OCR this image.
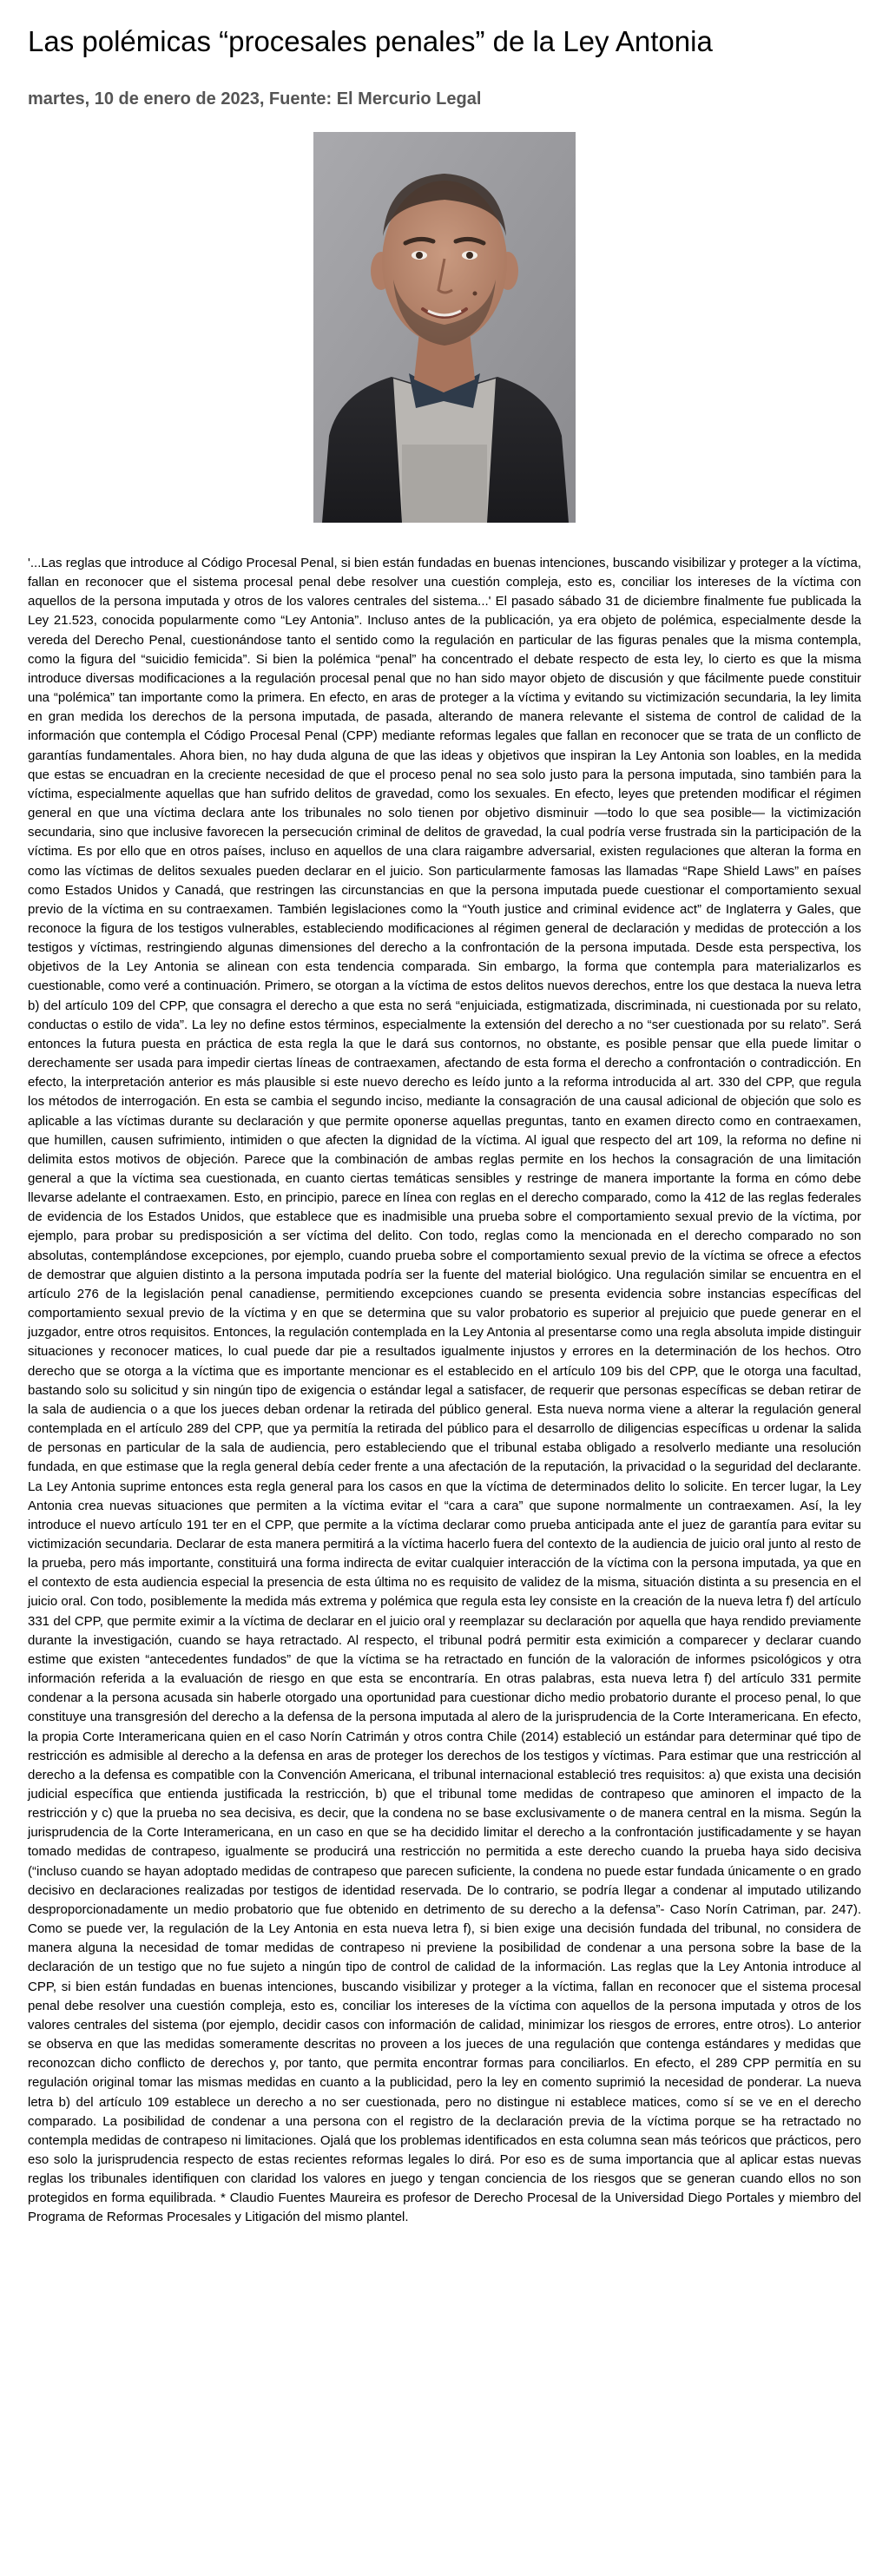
Las polémicas “procesales penales” de la Ley Antonia
martes, 10 de enero de 2023, Fuente: El Mercurio Legal

'...Las reglas que introduce al Código Procesal Penal, si bien están fundadas en buenas intenciones, buscando visibilizar y proteger a la víctima, fallan en reconocer que el sistema procesal penal debe resolver una cuestión compleja, esto es, conciliar los intereses de la víctima con aquellos de la persona imputada y otros de los valores centrales del sistema...' El pasado sábado 31 de diciembre finalmente fue publicada la Ley 21.523, conocida popularmente como “Ley Antonia”. Incluso antes de la publicación, ya era objeto de polémica, especialmente desde la vereda del Derecho Penal, cuestionándose tanto el sentido como la regulación en particular de las figuras penales que la misma contempla, como la figura del “suicidio femicida”. Si bien la polémica “penal” ha concentrado el debate respecto de esta ley, lo cierto es que la misma introduce diversas modificaciones a la regulación procesal penal que no han sido mayor objeto de discusión y que fácilmente puede constituir una “polémica” tan importante como la primera. En efecto, en aras de proteger a la víctima y evitando su victimización secundaria, la ley limita en gran medida los derechos de la persona imputada, de pasada, alterando de manera relevante el sistema de control de calidad de la información que contempla el Código Procesal Penal (CPP) mediante reformas legales que fallan en reconocer que se trata de un conflicto de garantías fundamentales. Ahora bien, no hay duda alguna de que las ideas y objetivos que inspiran la Ley Antonia son loables, en la medida que estas se encuadran en la creciente necesidad de que el proceso penal no sea solo justo para la persona imputada, sino también para la víctima, especialmente aquellas que han sufrido delitos de gravedad, como los sexuales. En efecto, leyes que pretenden modificar el régimen general en que una víctima declara ante los tribunales no solo tienen por objetivo disminuir —todo lo que sea posible— la victimización secundaria, sino que inclusive favorecen la persecución criminal de delitos de gravedad, la cual podría verse frustrada sin la participación de la víctima. Es por ello que en otros países, incluso en aquellos de una clara raigambre adversarial, existen regulaciones que alteran la forma en como las víctimas de delitos sexuales pueden declarar en el juicio. Son particularmente famosas las llamadas “Rape Shield Laws” en países como Estados Unidos y Canadá, que restringen las circunstancias en que la persona imputada puede cuestionar el comportamiento sexual previo de la víctima en su contraexamen. También legislaciones como la “Youth justice and criminal evidence act” de Inglaterra y Gales, que reconoce la figura de los testigos vulnerables, estableciendo modificaciones al régimen general de declaración y medidas de protección a los testigos y víctimas, restringiendo algunas dimensiones del derecho a la confrontación de la persona imputada. Desde esta perspectiva, los objetivos de la Ley Antonia se alinean con esta tendencia comparada. Sin embargo, la forma que contempla para materializarlos es cuestionable, como veré a continuación. Primero, se otorgan a la víctima de estos delitos nuevos derechos, entre los que destaca la nueva letra b) del artículo 109 del CPP, que consagra el derecho a que esta no será “enjuiciada, estigmatizada, discriminada, ni cuestionada por su relato, conductas o estilo de vida”. La ley no define estos términos, especialmente la extensión del derecho a no “ser cuestionada por su relato”. Será entonces la futura puesta en práctica de esta regla la que le dará sus contornos, no obstante, es posible pensar que ella puede limitar o derechamente ser usada para impedir ciertas líneas de contraexamen, afectando de esta forma el derecho a confrontación o contradicción. En efecto, la interpretación anterior es más plausible si este nuevo derecho es leído junto a la reforma introducida al art. 330 del CPP, que regula los métodos de interrogación. En esta se cambia el segundo inciso, mediante la consagración de una causal adicional de objeción que solo es aplicable a las víctimas durante su declaración y que permite oponerse aquellas preguntas, tanto en examen directo como en contraexamen, que humillen, causen sufrimiento, intimiden o que afecten la dignidad de la víctima. Al igual que respecto del art 109, la reforma no define ni delimita estos motivos de objeción. Parece que la combinación de ambas reglas permite en los hechos la consagración de una limitación general a que la víctima sea cuestionada, en cuanto ciertas temáticas sensibles y restringe de manera importante la forma en cómo debe llevarse adelante el contraexamen. Esto, en principio, parece en línea con reglas en el derecho comparado, como la 412 de las reglas federales de evidencia de los Estados Unidos, que establece que es inadmisible una prueba sobre el comportamiento sexual previo de la víctima, por ejemplo, para probar su predisposición a ser víctima del delito. Con todo, reglas como la mencionada en el derecho comparado no son absolutas, contemplándose excepciones, por ejemplo, cuando prueba sobre el comportamiento sexual previo de la víctima se ofrece a efectos de demostrar que alguien distinto a la persona imputada podría ser la fuente del material biológico. Una regulación similar se encuentra en el artículo 276 de la legislación penal canadiense, permitiendo excepciones cuando se presenta evidencia sobre instancias específicas del comportamiento sexual previo de la víctima y en que se determina que su valor probatorio es superior al prejuicio que puede generar en el juzgador, entre otros requisitos. Entonces, la regulación contemplada en la Ley Antonia al presentarse como una regla absoluta impide distinguir situaciones y reconocer matices, lo cual puede dar pie a resultados igualmente injustos y errores en la determinación de los hechos. Otro derecho que se otorga a la víctima que es importante mencionar es el establecido en el artículo 109 bis del CPP, que le otorga una facultad, bastando solo su solicitud y sin ningún tipo de exigencia o estándar legal a satisfacer, de requerir que personas específicas se deban retirar de la sala de audiencia o a que los jueces deban ordenar la retirada del público general. Esta nueva norma viene a alterar la regulación general contemplada en el artículo 289 del CPP, que ya permitía la retirada del público para el desarrollo de diligencias específicas u ordenar la salida de personas en particular de la sala de audiencia, pero estableciendo que el tribunal estaba obligado a resolverlo mediante una resolución fundada, en que estimase que la regla general debía ceder frente a una afectación de la reputación, la privacidad o la seguridad del declarante. La Ley Antonia suprime entonces esta regla general para los casos en que la víctima de determinados delito lo solicite. En tercer lugar, la Ley Antonia crea nuevas situaciones que permiten a la víctima evitar el “cara a cara” que supone normalmente un contraexamen. Así, la ley introduce el nuevo artículo 191 ter en el CPP, que permite a la víctima declarar como prueba anticipada ante el juez de garantía para evitar su victimización secundaria. Declarar de esta manera permitirá a la víctima hacerlo fuera del contexto de la audiencia de juicio oral junto al resto de la prueba, pero más importante, constituirá una forma indirecta de evitar cualquier interacción de la víctima con la persona imputada, ya que en el contexto de esta audiencia especial la presencia de esta última no es requisito de validez de la misma, situación distinta a su presencia en el juicio oral. Con todo, posiblemente la medida más extrema y polémica que regula esta ley consiste en la creación de la nueva letra f) del artículo 331 del CPP, que permite eximir a la víctima de declarar en el juicio oral y reemplazar su declaración por aquella que haya rendido previamente durante la investigación, cuando se haya retractado. Al respecto, el tribunal podrá permitir esta eximición a comparecer y declarar cuando estime que existen “antecedentes fundados” de que la víctima se ha retractado en función de la valoración de informes psicológicos y otra información referida a la evaluación de riesgo en que esta se encontraría. En otras palabras, esta nueva letra f) del artículo 331 permite condenar a la persona acusada sin haberle otorgado una oportunidad para cuestionar dicho medio probatorio durante el proceso penal, lo que constituye una transgresión del derecho a la defensa de la persona imputada al alero de la jurisprudencia de la Corte Interamericana. En efecto, la propia Corte Interamericana quien en el caso Norín Catrimán y otros contra Chile (2014) estableció un estándar para determinar qué tipo de restricción es admisible al derecho a la defensa en aras de proteger los derechos de los testigos y víctimas. Para estimar que una restricción al derecho a la defensa es compatible con la Convención Americana, el tribunal internacional estableció tres requisitos: a) que exista una decisión judicial específica que entienda justificada la restricción, b) que el tribunal tome medidas de contrapeso que aminoren el impacto de la restricción y c) que la prueba no sea decisiva, es decir, que la condena no se base exclusivamente o de manera central en la misma. Según la jurisprudencia de la Corte Interamericana, en un caso en que se ha decidido limitar el derecho a la confrontación justificadamente y se hayan tomado medidas de contrapeso, igualmente se producirá una restricción no permitida a este derecho cuando la prueba haya sido decisiva (“incluso cuando se hayan adoptado medidas de contrapeso que parecen suficiente, la condena no puede estar fundada únicamente o en grado decisivo en declaraciones realizadas por testigos de identidad reservada. De lo contrario, se podría llegar a condenar al imputado utilizando desproporcionadamente un medio probatorio que fue obtenido en detrimento de su derecho a la defensa”- Caso Norín Catriman, par. 247). Como se puede ver, la regulación de la Ley Antonia en esta nueva letra f), si bien exige una decisión fundada del tribunal, no considera de manera alguna la necesidad de tomar medidas de contrapeso ni previene la posibilidad de condenar a una persona sobre la base de la declaración de un testigo que no fue sujeto a ningún tipo de control de calidad de la información. Las reglas que la Ley Antonia introduce al CPP, si bien están fundadas en buenas intenciones, buscando visibilizar y proteger a la víctima, fallan en reconocer que el sistema procesal penal debe resolver una cuestión compleja, esto es, conciliar los intereses de la víctima con aquellos de la persona imputada y otros de los valores centrales del sistema (por ejemplo, decidir casos con información de calidad, minimizar los riesgos de errores, entre otros). Lo anterior se observa en que las medidas someramente descritas no proveen a los jueces de una regulación que contenga estándares y medidas que reconozcan dicho conflicto de derechos y, por tanto, que permita encontrar formas para conciliarlos. En efecto, el 289 CPP permitía en su regulación original tomar las mismas medidas en cuanto a la publicidad, pero la ley en comento suprimió la necesidad de ponderar. La nueva letra b) del artículo 109 establece un derecho a no ser cuestionada, pero no distingue ni establece matices, como sí se ve en el derecho comparado. La posibilidad de condenar a una persona con el registro de la declaración previa de la víctima porque se ha retractado no contempla medidas de contrapeso ni limitaciones. Ojalá que los problemas identificados en esta columna sean más teóricos que prácticos, pero eso solo la jurisprudencia respecto de estas recientes reformas legales lo dirá. Por eso es de suma importancia que al aplicar estas nuevas reglas los tribunales identifiquen con claridad los valores en juego y tengan conciencia de los riesgos que se generan cuando ellos no son protegidos en forma equilibrada. * Claudio Fuentes Maureira es profesor de Derecho Procesal de la Universidad Diego Portales y miembro del Programa de Reformas Procesales y Litigación del mismo plantel.
